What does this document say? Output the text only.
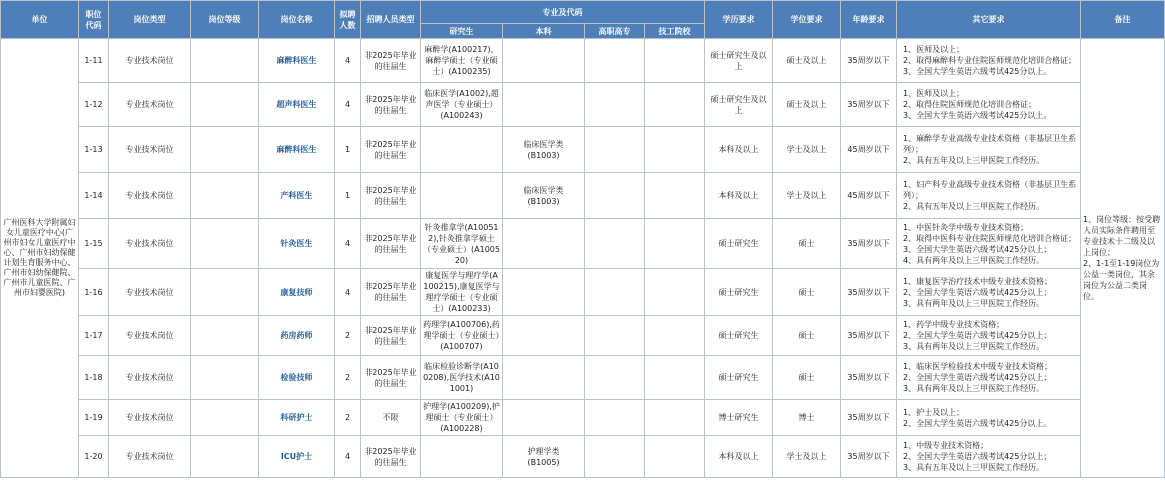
单位	职位
代码	岗位类型	岗位等级	岗位名称	拟聘
人数	招聘人员类型	专业及代码				学历要求	学位要求	年龄要求	其它要求	备注
							研究生	本科	高职高专	技工院校					
广州医科大学附属妇女儿童医疗中心(广州市妇女儿童医疗中心、广州市妇幼保健计划生育服务中心、广州市妇幼保健院、广州市儿童医院、广州市妇婴医院)	1-11	专业技术岗位		麻醉科医生	4	非2025年毕业的往届生	麻醉学(A100217)，麻醉学硕士（专业硕士）(A100235)				硕士研究生及以上	硕士及以上	35周岁以下	1、医师及以上；
2、取得麻醉科专业住院医师规范化培训合格证；
3、全国大学生英语六级考试425分以上。	1、岗位等级：按受聘人员实际条件聘用至专业技术十二级及以上岗位；
2、1-1至1-19岗位为公益一类岗位，其余岗位为公益二类岗位。
	1-12	专业技术岗位		超声科医生	4	非2025年毕业的往届生	临床医学(A1002),超声医学（专业硕士）(A100243)				硕士研究生及以上	硕士及以上	35周岁以下	1、医师及以上；
2、取得住院医师规范化培训合格证；
3、全国大学生英语六级考试425分以上。	
	1-13	专业技术岗位		麻醉科医生	1	非2025年毕业的往届生		临床医学类
(B1003)			本科及以上	学士及以上	45周岁以下	1、麻醉学专业高级专业技术资格（非基层卫生系列）；
2、具有五年及以上三甲医院工作经历。	
	1-14	专业技术岗位		产科医生	1	非2025年毕业的往届生		临床医学类
(B1003)			本科及以上	学士及以上	45周岁以下	1、妇产科专业高级专业技术资格（非基层卫生系列）；
2、具有五年及以上三甲医院工作经历。	
	1-15	专业技术岗位		针灸医生	4	非2025年毕业的往届生	针灸推拿学(A100512),针灸推拿学硕士（专业硕士）(A100520)				硕士研究生	硕士	35周岁以下	1、中医针灸学中级专业技术资格；
2、取得中医科专业住院医师规范化培训合格证；
3、全国大学生英语六级考试425分以上；
4、具有两年及以上三甲医院工作经历。	
	1-16	专业技术岗位		康复技师	4	非2025年毕业的往届生	康复医学与理疗学(A100215),康复医学与理疗学硕士（专业硕士）(A100233)				硕士研究生	硕士	35周岁以下	1、康复医学治疗技术中级专业技术资格；
2、全国大学生英语六级考试425分以上；
3、具有两年及以上三甲医院工作经历。	
	1-17	专业技术岗位		药房药师	2	非2025年毕业的往届生	药理学(A100706),药理学硕士（专业硕士）(A100707)				硕士研究生	硕士	35周岁以下	1、药学中级专业技术资格；
2、全国大学生英语六级考试425分以上；
3、具有两年及以上三甲医院工作经历。	
	1-18	专业技术岗位		检验技师	2	非2025年毕业的往届生	临床检验诊断学(A100208),医学技术(A101001)				硕士研究生	硕士	35周岁以下	1、临床医学检验技术中级专业技术资格；
2、全国大学生英语六级考试425分以上；
3、具有两年及以上三甲医院工作经历。	
	1-19	专业技术岗位		科研护士	2	不限	护理学(A100209),护理硕士（专业硕士）(A100228)				博士研究生	博士	35周岁以下	1、护士及以上；
2、全国大学生英语六级考试425分以上。	
	1-20	专业技术岗位		ICU护士	4	非2025年毕业的往届生		护理学类
(B1005)			本科及以上	学士及以上	35周岁以下	1、中级专业技术资格；
2、全国大学生英语六级考试425分以上；
3、具有五年及以上三甲医院工作经历。	
